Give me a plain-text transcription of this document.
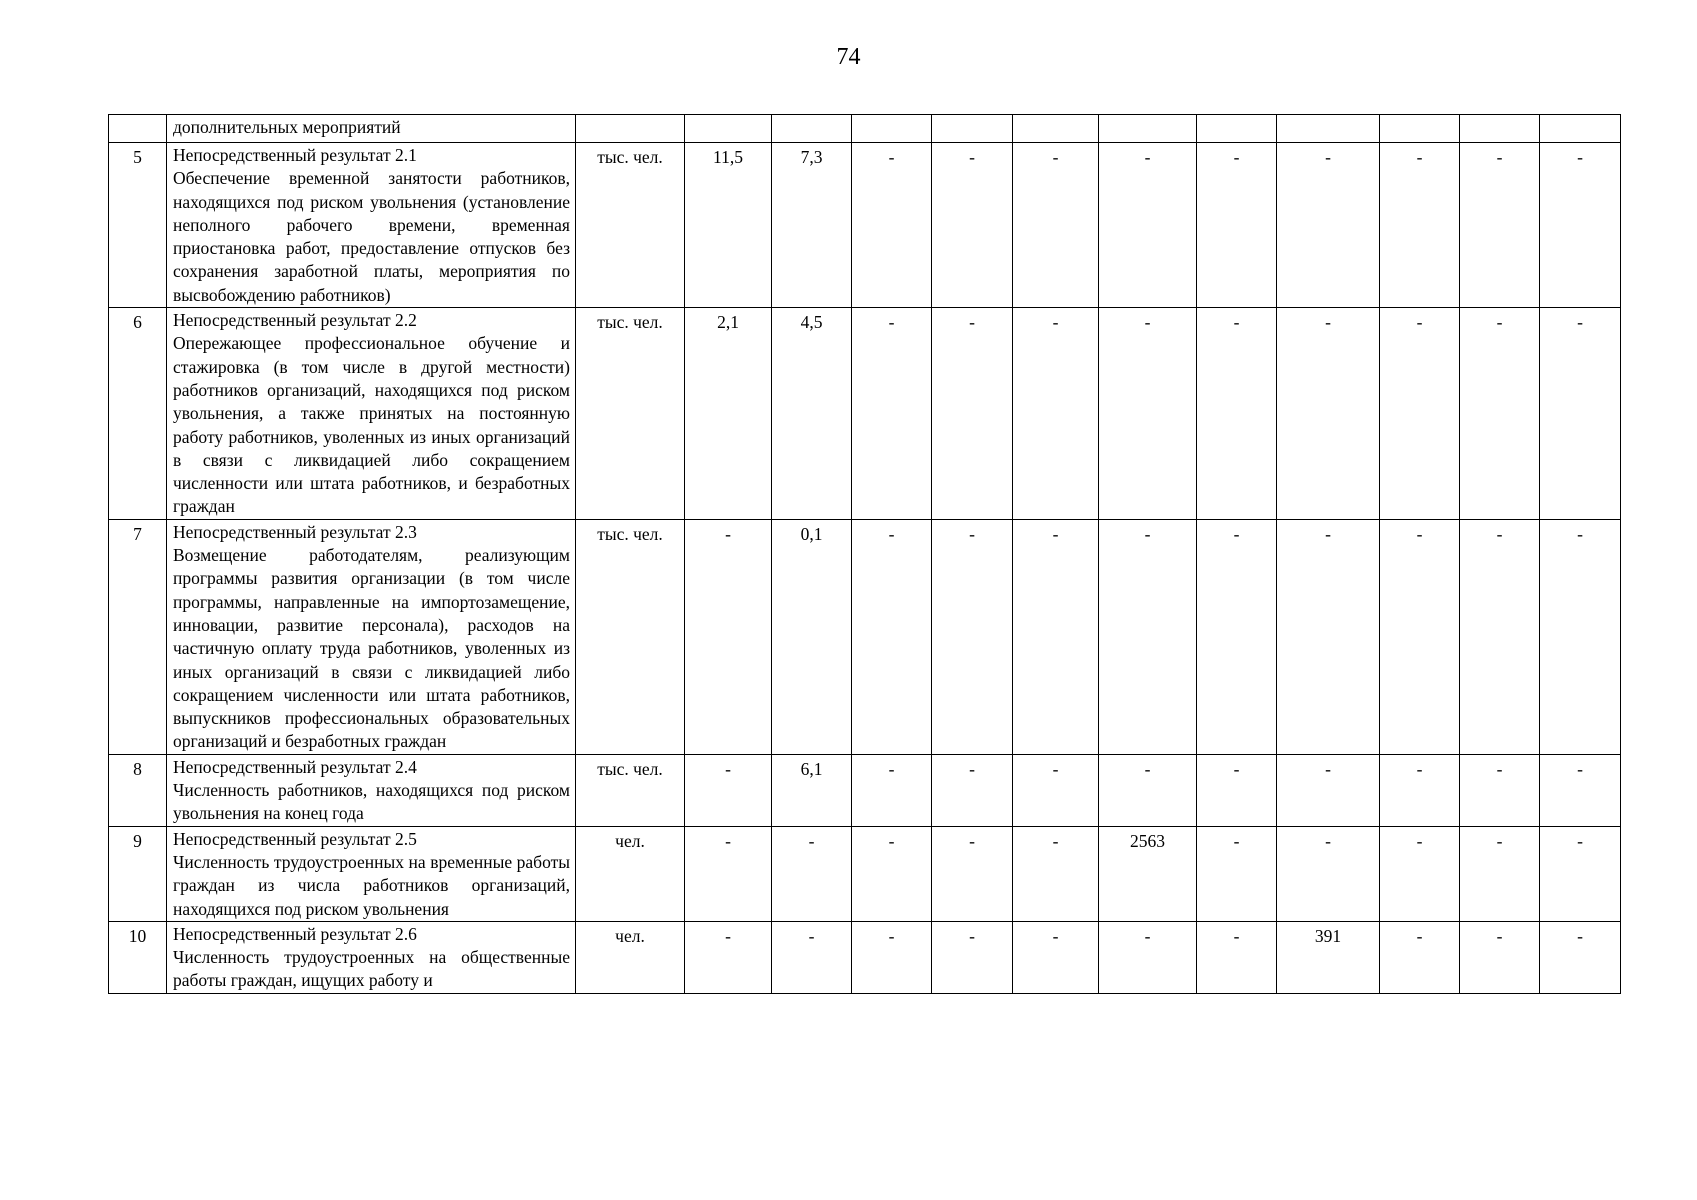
74

	дополнительных мероприятий												

5	Непосредственный результат 2.1
Обеспечение временной занятости работников, находящихся под риском увольнения (установление неполного рабочего времени, временная приостановка работ, предоставление отпусков без сохранения заработной платы, мероприятия по высвобождению работников)	тыс. чел.	11,5	7,3	-	-	-	-	-	-	-	-	-
6	Непосредственный результат 2.2
Опережающее профессиональное обучение и стажировка (в том числе в другой местности) работников организаций, находящихся под риском увольнения, а также принятых на постоянную работу работников, уволенных из иных организаций в связи с ликвидацией либо сокращением численности или штата работников, и безработных граждан	тыс. чел.	2,1	4,5	-	-	-	-	-	-	-	-	-
7	Непосредственный результат 2.3
Возмещение работодателям, реализующим программы развития организации (в том числе программы, направленные на импортозамещение, инновации, развитие персонала), расходов на частичную оплату труда работников, уволенных из иных организаций в связи с ликвидацией либо сокращением численности или штата работников, выпускников профессиональных образовательных организаций и безработных граждан	тыс. чел.	-	0,1	-	-	-	-	-	-	-	-	-
8	Непосредственный результат 2.4
Численность работников, находящихся под риском увольнения на конец года	тыс. чел.	-	6,1	-	-	-	-	-	-	-	-	-
9	Непосредственный результат 2.5
Численность трудоустроенных на временные работы граждан из числа работников организаций, находящихся под риском увольнения	чел.	-	-	-	-	-	2563	-	-	-	-	-
10	Непосредственный результат 2.6
Численность трудоустроенных на общественные работы граждан, ищущих работу и	чел.	-	-	-	-	-	-	-	391	-	-	-
